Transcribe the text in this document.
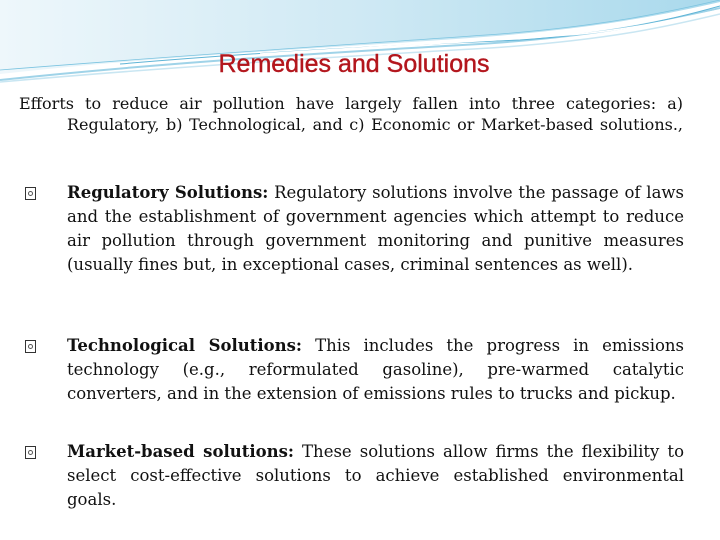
Remedies and Solutions
Efforts to reduce air pollution have largely fallen into three categories: a) Regulatory, b) Technological, and c) Economic or Market-based solutions.,
Regulatory Solutions: Regulatory solutions involve the passage of laws and the establishment of government agencies which attempt to reduce air pollution through government monitoring and punitive measures (usually fines but, in exceptional cases, criminal sentences as well).
Technological Solutions: This includes the progress in emissions technology (e.g., reformulated gasoline), pre-warmed catalytic converters, and in the extension of emissions rules to trucks and pickup.
Market-based solutions: These solutions allow firms the flexibility to select cost-effective solutions to achieve established environmental goals.
